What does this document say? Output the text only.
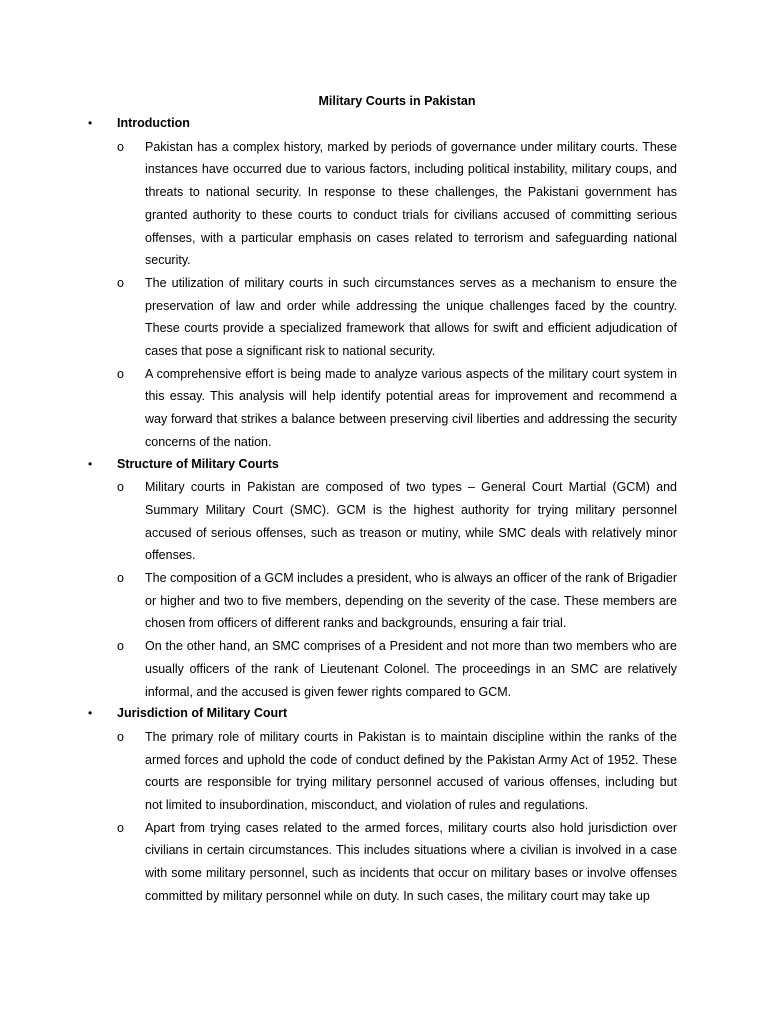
Military Courts in Pakistan
• Introduction
o Pakistan has a complex history, marked by periods of governance under military courts. These instances have occurred due to various factors, including political instability, military coups, and threats to national security. In response to these challenges, the Pakistani government has granted authority to these courts to conduct trials for civilians accused of committing serious offenses, with a particular emphasis on cases related to terrorism and safeguarding national security.
o The utilization of military courts in such circumstances serves as a mechanism to ensure the preservation of law and order while addressing the unique challenges faced by the country. These courts provide a specialized framework that allows for swift and efficient adjudication of cases that pose a significant risk to national security.
o A comprehensive effort is being made to analyze various aspects of the military court system in this essay. This analysis will help identify potential areas for improvement and recommend a way forward that strikes a balance between preserving civil liberties and addressing the security concerns of the nation.
• Structure of Military Courts
o Military courts in Pakistan are composed of two types – General Court Martial (GCM) and Summary Military Court (SMC). GCM is the highest authority for trying military personnel accused of serious offenses, such as treason or mutiny, while SMC deals with relatively minor offenses.
o The composition of a GCM includes a president, who is always an officer of the rank of Brigadier or higher and two to five members, depending on the severity of the case. These members are chosen from officers of different ranks and backgrounds, ensuring a fair trial.
o On the other hand, an SMC comprises of a President and not more than two members who are usually officers of the rank of Lieutenant Colonel. The proceedings in an SMC are relatively informal, and the accused is given fewer rights compared to GCM.
• Jurisdiction of Military Court
o The primary role of military courts in Pakistan is to maintain discipline within the ranks of the armed forces and uphold the code of conduct defined by the Pakistan Army Act of 1952. These courts are responsible for trying military personnel accused of various offenses, including but not limited to insubordination, misconduct, and violation of rules and regulations.
o Apart from trying cases related to the armed forces, military courts also hold jurisdiction over civilians in certain circumstances. This includes situations where a civilian is involved in a case with some military personnel, such as incidents that occur on military bases or involve offenses committed by military personnel while on duty. In such cases, the military court may take up
